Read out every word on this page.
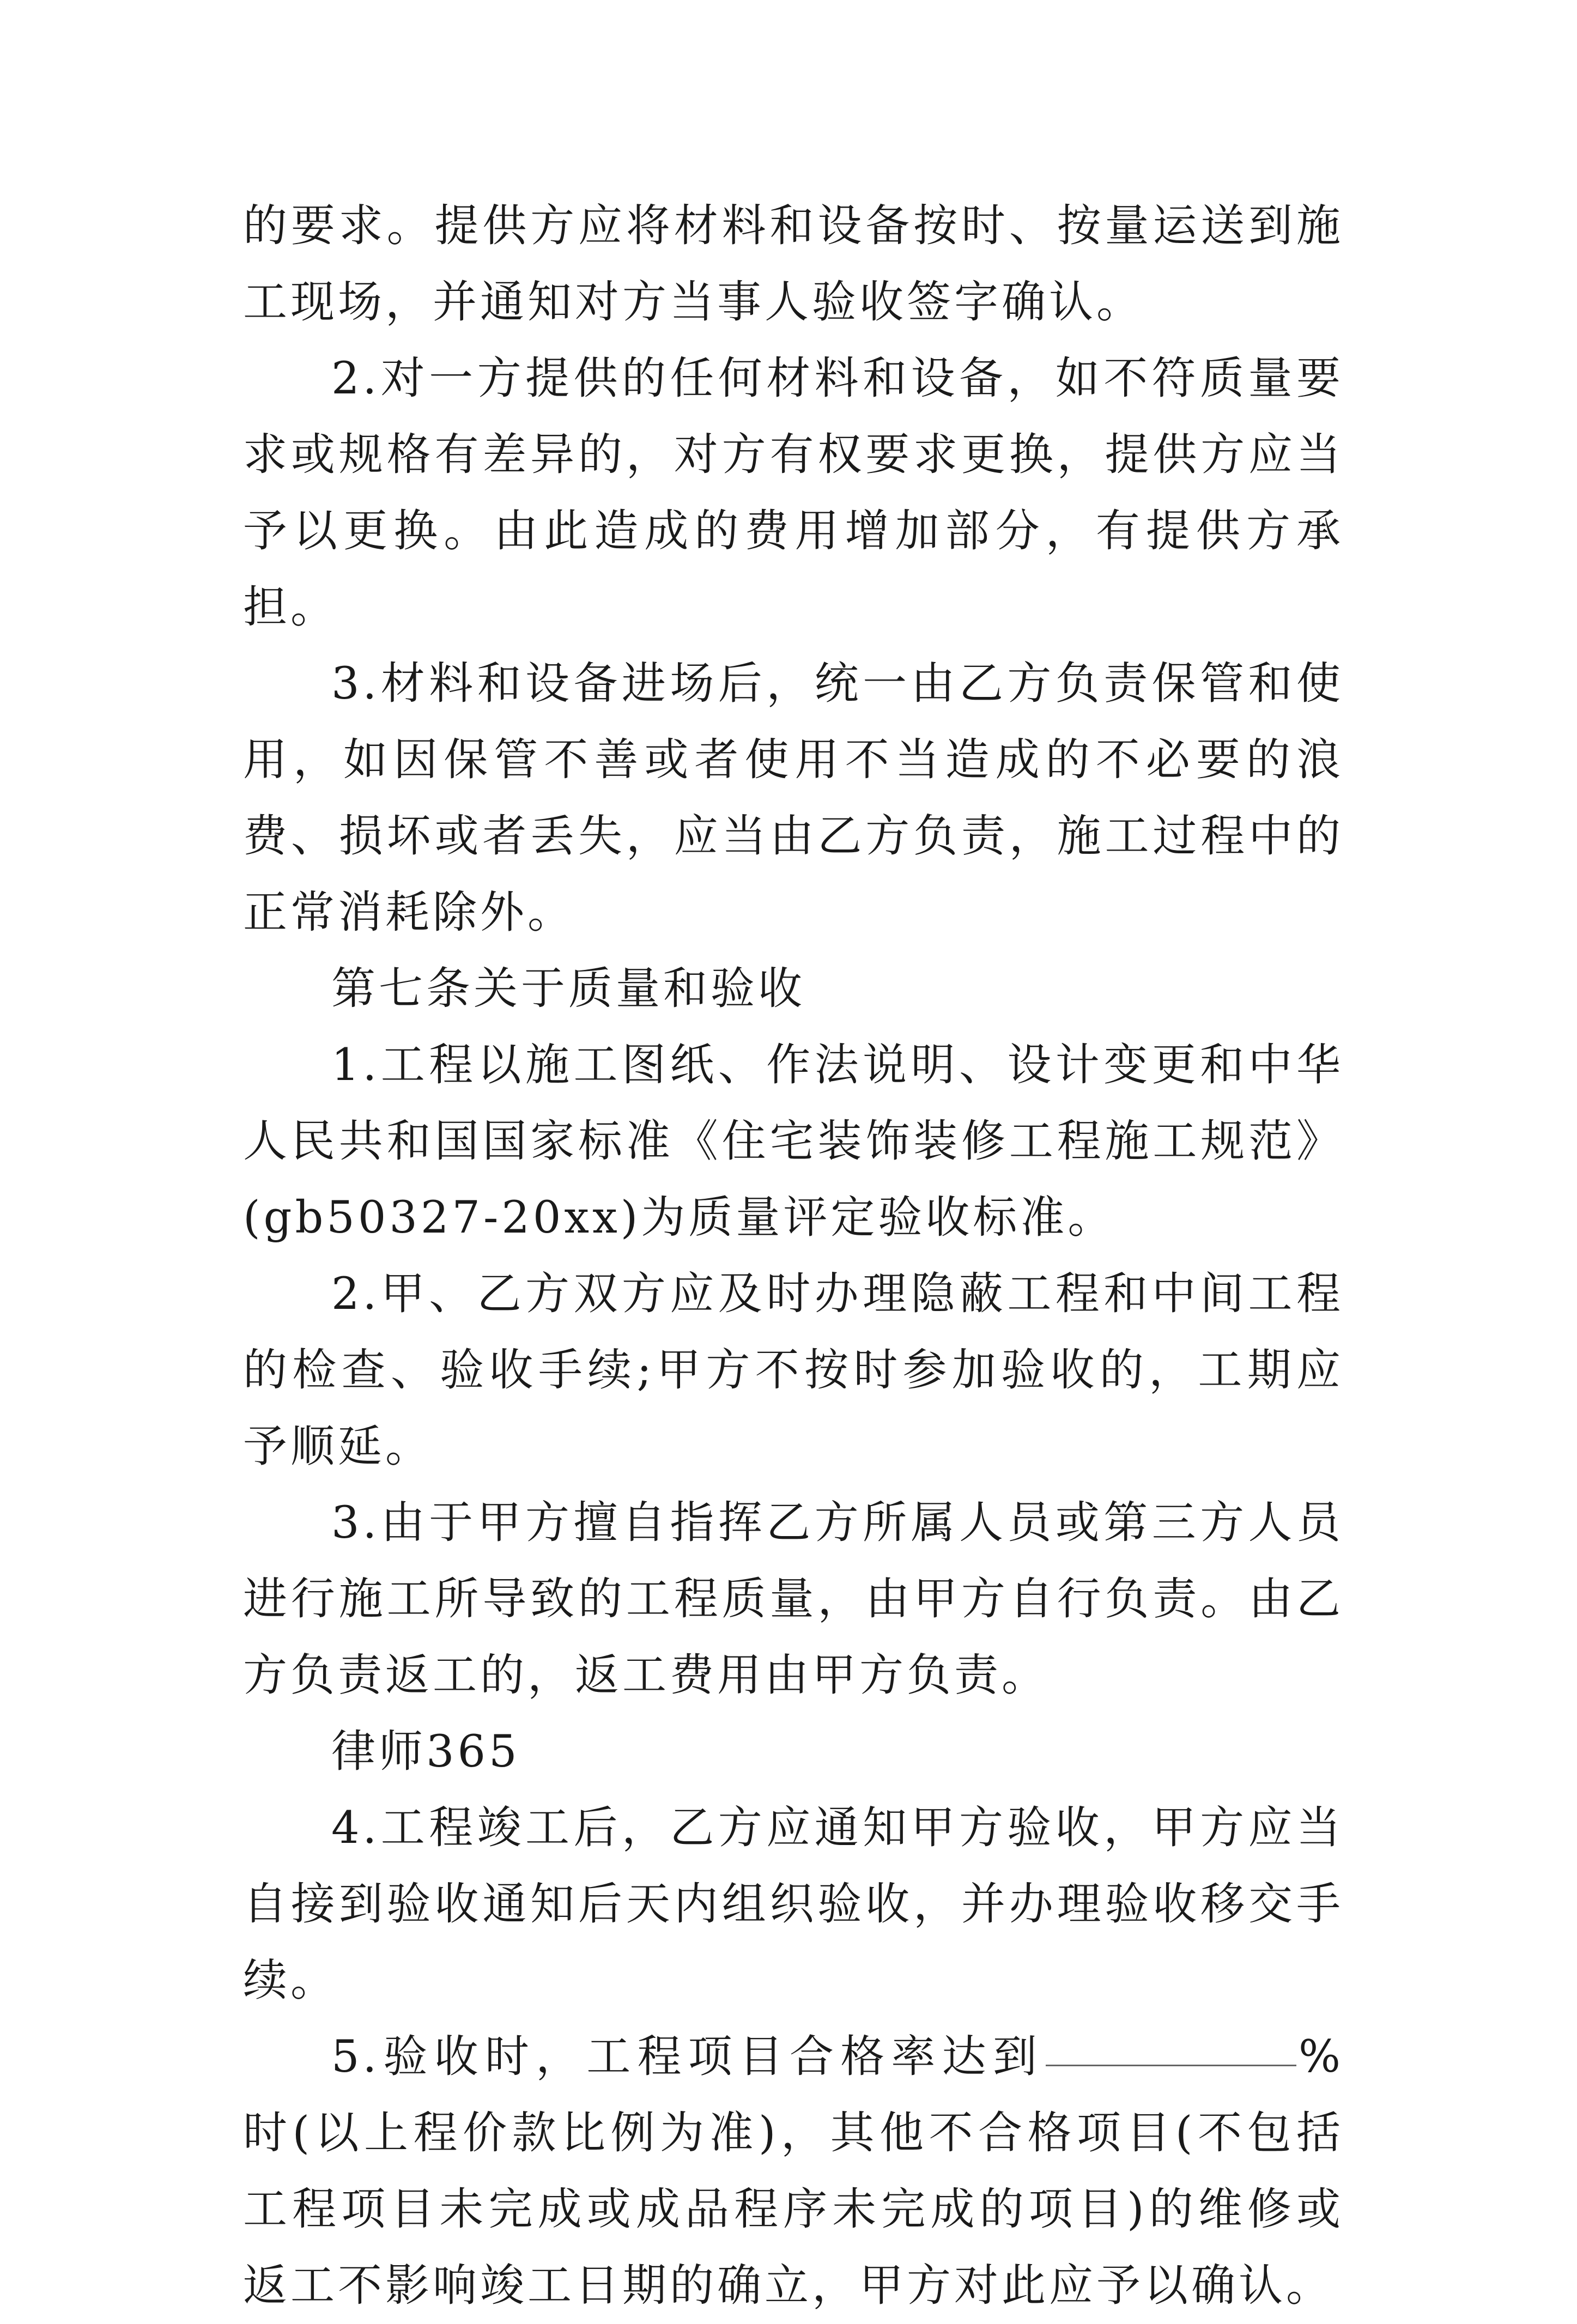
的要求。提供方应将材料和设备按时、按量运送到施工现场，并通知对方当事人验收签字确认。

2.对一方提供的任何材料和设备，如不符质量要求或规格有差异的，对方有权要求更换，提供方应当予以更换。由此造成的费用增加部分，有提供方承担。

3.材料和设备进场后，统一由乙方负责保管和使用，如因保管不善或者使用不当造成的不必要的浪费、损坏或者丢失，应当由乙方负责，施工过程中的正常消耗除外。

第七条关于质量和验收

1.工程以施工图纸、作法说明、设计变更和中华人民共和国国家标准《住宅装饰装修工程施工规范》(gb50327-20xx)为质量评定验收标准。

2.甲、乙方双方应及时办理隐蔽工程和中间工程的检查、验收手续;甲方不按时参加验收的，工期应予顺延。

3.由于甲方擅自指挥乙方所属人员或第三方人员进行施工所导致的工程质量，由甲方自行负责。由乙方负责返工的，返工费用由甲方负责。

律师365

4.工程竣工后，乙方应通知甲方验收，甲方应当自接到验收通知后天内组织验收，并办理验收移交手续。

5.验收时，工程项目合格率达到	%时(以上程价款比例为准)，其他不合格项目(不包括工程项目未完成或成品程序未完成的项目)的维修或返工不影响竣工日期的确立，甲方对此应予以确认。
